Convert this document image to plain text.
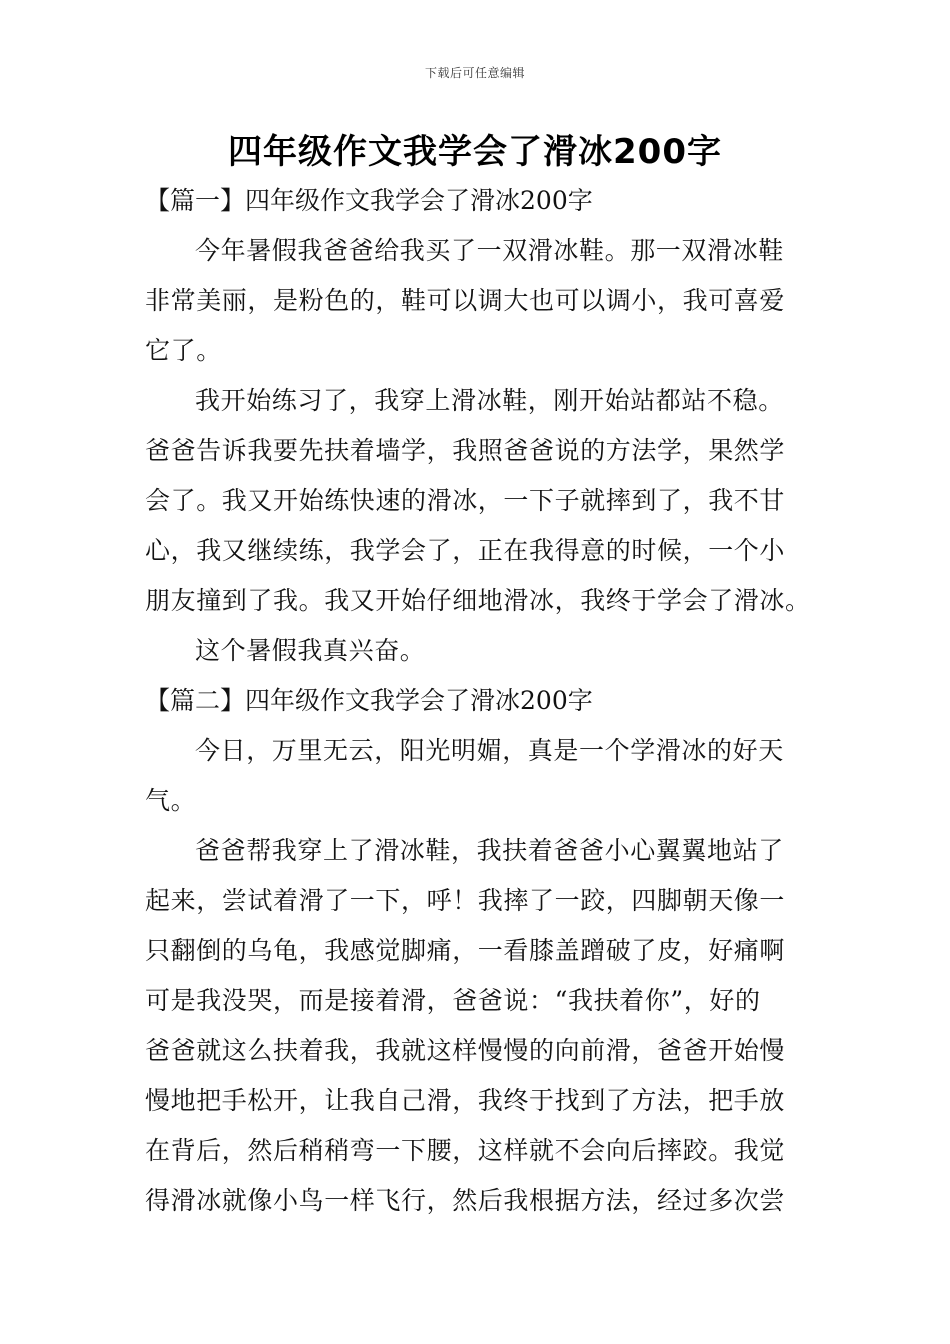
下载后可任意编辑
四年级作文我学会了滑冰200字
【篇一】四年级作文我学会了滑冰200字
今年暑假我爸爸给我买了一双滑冰鞋。那一双滑冰鞋
非常美丽，是粉色的，鞋可以调大也可以调小，我可喜爱
它了。
我开始练习了，我穿上滑冰鞋，刚开始站都站不稳。
爸爸告诉我要先扶着墙学，我照爸爸说的方法学，果然学
会了。我又开始练快速的滑冰，一下子就摔到了，我不甘
心，我又继续练，我学会了，正在我得意的时候，一个小
朋友撞到了我。我又开始仔细地滑冰，我终于学会了滑冰。
这个暑假我真兴奋。
【篇二】四年级作文我学会了滑冰200字
今日，万里无云，阳光明媚，真是一个学滑冰的好天
气。
爸爸帮我穿上了滑冰鞋，我扶着爸爸小心翼翼地站了
起来，尝试着滑了一下，呼！我摔了一跤，四脚朝天像一
只翻倒的乌龟，我感觉脚痛，一看膝盖蹭破了皮，好痛啊
可是我没哭，而是接着滑，爸爸说：“我扶着你”，好的
爸爸就这么扶着我，我就这样慢慢的向前滑，爸爸开始慢
慢地把手松开，让我自己滑，我终于找到了方法，把手放
在背后，然后稍稍弯一下腰，这样就不会向后摔跤。我觉
得滑冰就像小鸟一样飞行，然后我根据方法，经过多次尝
